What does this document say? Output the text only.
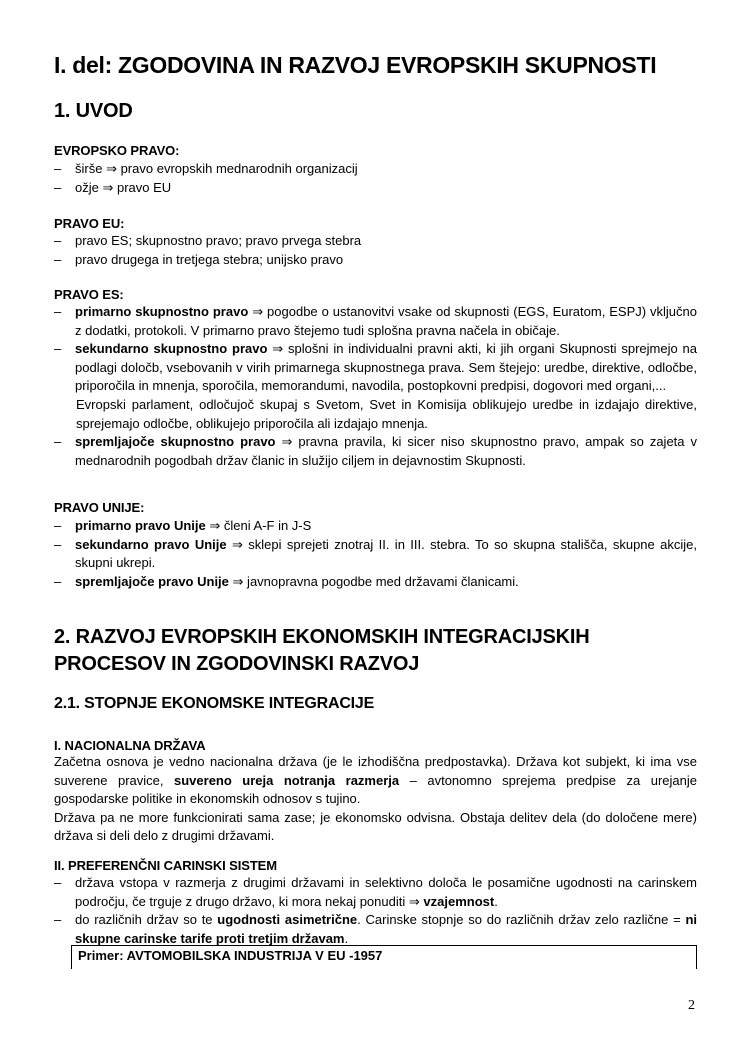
I. del: ZGODOVINA IN RAZVOJ EVROPSKIH SKUPNOSTI
1. UVOD
EVROPSKO PRAVO:
– širše ⇒ pravo evropskih mednarodnih organizacij
– ožje ⇒ pravo EU
PRAVO EU:
– pravo ES; skupnostno pravo; pravo prvega stebra
– pravo drugega in tretjega stebra; unijsko pravo
PRAVO ES:
– primarno skupnostno pravo ⇒ pogodbe o ustanovitvi vsake od skupnosti (EGS, Euratom, ESPJ) vključno z dodatki, protokoli. V primarno pravo štejemo tudi splošna pravna načela in običaje.
– sekundarno skupnostno pravo ⇒ splošni in individualni pravni akti, ki jih organi Skupnosti sprejmejo na podlagi določb, vsebovanih v virih primarnega skupnostnega prava. Sem štejejo: uredbe, direktive, odločbe, priporočila in mnenja, sporočila, memorandumi, navodila, postopkovni predpisi, dogovori med organi,...
Evropski parlament, odločujoč skupaj s Svetom, Svet in Komisija oblikujejo uredbe in izdajajo direktive, sprejemajo odločbe, oblikujejo priporočila ali izdajajo mnenja.
– spremljajoče skupnostno pravo ⇒ pravna pravila, ki sicer niso skupnostno pravo, ampak so zajeta v mednarodnih pogodbah držav članic in služijo ciljem in dejavnostim Skupnosti.
PRAVO UNIJE:
– primarno pravo Unije ⇒ členi A-F in J-S
– sekundarno pravo Unije ⇒ sklepi sprejeti znotraj II. in III. stebra. To so skupna stališča, skupne akcije, skupni ukrepi.
– spremljajoče pravo Unije ⇒ javnopravna pogodbe med državami članicami.
2. RAZVOJ EVROPSKIH EKONOMSKIH INTEGRACIJSKIH
PROCESOV IN ZGODOVINSKI RAZVOJ
2.1. STOPNJE EKONOMSKE INTEGRACIJE
I. NACIONALNA DRŽAVA
Začetna osnova je vedno nacionalna država (je le izhodiščna predpostavka). Država kot subjekt, ki ima vse suverene pravice, suvereno ureja notranja razmerja – avtonomno sprejema predpise za urejanje gospodarske politike in ekonomskih odnosov s tujino.
Država pa ne more funkcionirati sama zase; je ekonomsko odvisna. Obstaja delitev dela (do določene mere) država si deli delo z drugimi državami.
II. PREFERENČNI CARINSKI SISTEM
– država vstopa v razmerja z drugimi državami in selektivno določa le posamične ugodnosti na carinskem področju, če trguje z drugo državo, ki mora nekaj ponuditi ⇒ vzajemnost.
– do različnih držav so te ugodnosti asimetrične. Carinske stopnje so do različnih držav zelo različne = ni skupne carinske tarife proti tretjim državam.
Primer: AVTOMOBILSKA INDUSTRIJA V EU -1957
2
